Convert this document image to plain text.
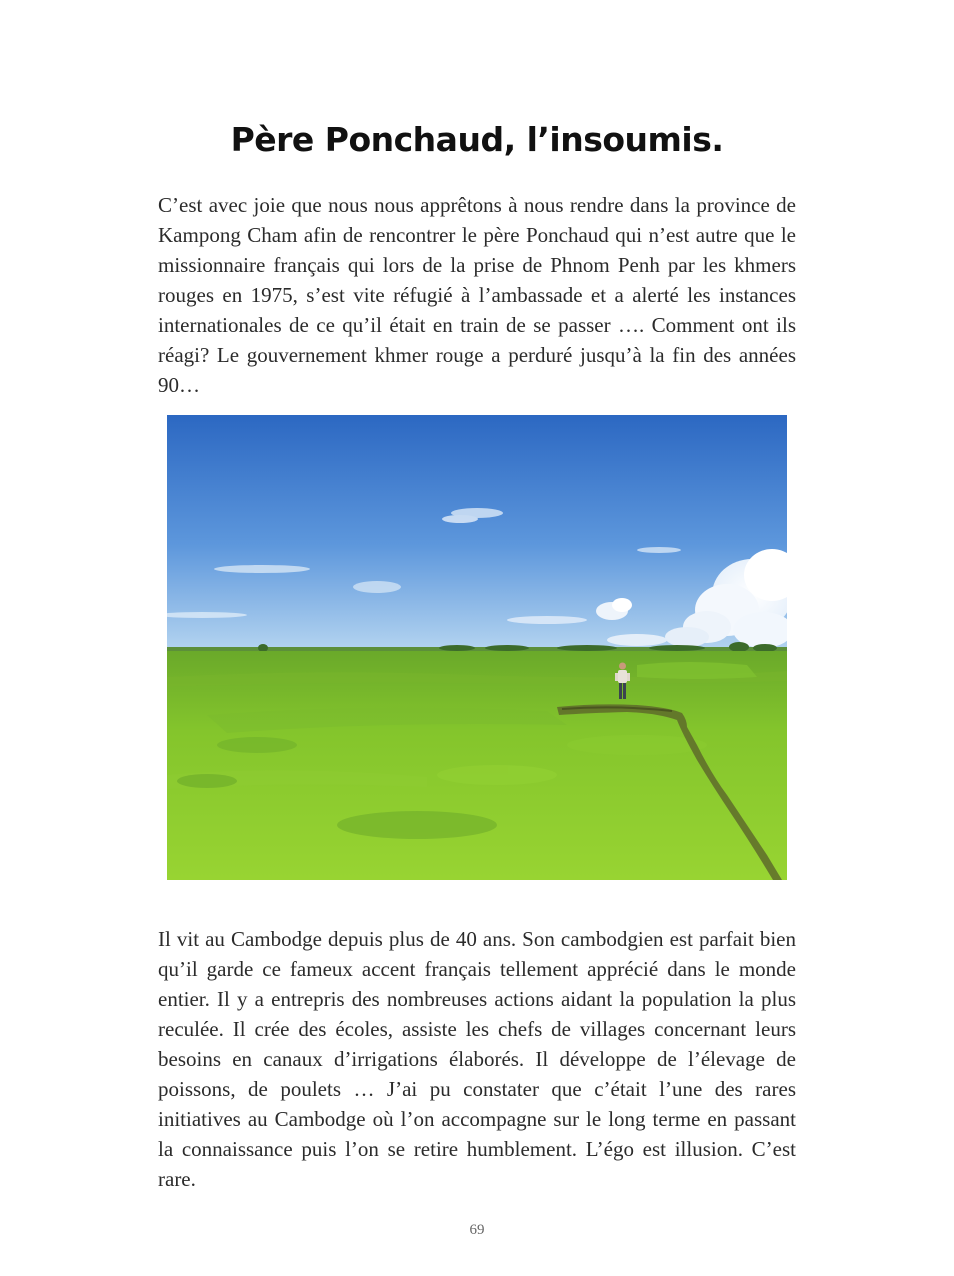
Père Ponchaud, l’insoumis.

C’est avec joie que nous nous apprêtons à nous rendre dans la province de Kampong Cham afin de rencontrer le père Ponchaud qui n’est autre que le missionnaire français qui lors de la prise de Phnom Penh par les khmers rouges en 1975, s’est vite réfugié à l’ambassade et a alerté les instances internationales de ce qu’il était en train de se passer …. Comment ont ils réagi? Le gouvernement khmer rouge a perduré jusqu’à la fin des années 90…

Il vit au Cambodge depuis plus de 40 ans. Son cambodgien est parfait bien qu’il garde ce fameux accent français tellement apprécié dans le monde entier. Il y a entrepris des nombreuses actions aidant la population la plus reculée. Il crée des écoles, assiste les chefs de villages concernant leurs besoins en canaux d’irrigations élaborés. Il développe de l’élevage de poissons, de poulets … J’ai pu constater que c’était l’une des rares initiatives au Cambodge où l’on accompagne sur le long terme en passant la connaissance puis l’on se retire humblement. L’égo est illusion. C’est rare.

69
